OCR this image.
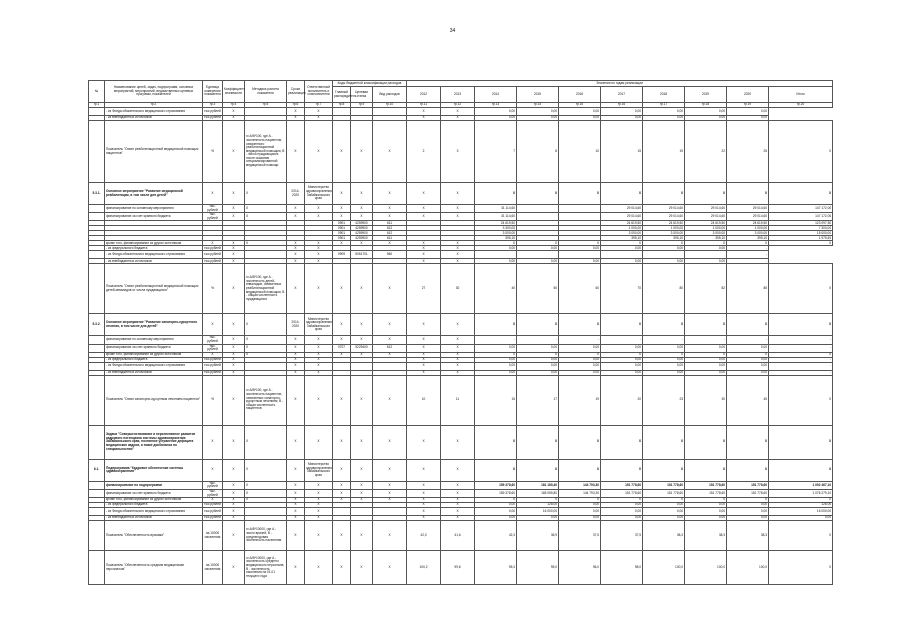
34
№	Наименование целей, задач, подпрограмм, основных мероприятий, мероприятий, ведомственных целевых программ, показателей	Единица измерения показателя	Коэффициент значимости	Методика расчета показателя	Сроки реализации	Ответственный исполнитель и соисполнители	Коды бюджетной классификации расходов			Значения по годам реализации									
							Главный распорядитель	Целевая статья	Вид расходов	2012	2013	2014	2015	2016	2017	2018	2019	2020	Итого
гр.1	гр.2	гр.3	гр.4	гр.5	гр.6	гр.7	гр.8	гр.9	гр.10	гр.11	гр.12	гр.13	гр.14	гр.15	гр.16	гр.17	гр.18	гр.19	гр.20
	- из Фонда обязательного медицинского страхования	тыс.рублей	Х		Х	Х				Х	Х	0,00	0,00	0,00	0,00	0,00	0,00	0,00	
	- из внебюджетных источников	тыс.рублей	Х		Х	Х				Х	Х	0,00	0,00	0,00	0,00	0,00	0,00	0,00	
	Показатель "Охват реабилитационной медицинской помощью пациентов"	%	Х	n=A/B*100, где A - численность пациентов, охваченного реабилитационной медицинской помощью; B - число нуждающихся после оказания специализированной медицинской помощи	Х	Х	Х	Х	Х	2	3	7	8	10	15	19	22	25	Х
5.3.1.	Основное мероприятие "Развитие медицинской реабилитации, в том числе для детей"	Х	Х	Х	2014-2020	Министерство здравоохранения Забайкальского края	Х	Х	Х	Х	Х	Х	Х	Х	Х	Х	Х	Х	Х
	финансирование по основному мероприятию	тыс. рублей	Х	Х	Х	Х	Х	Х	Х	Х	Х	31 114,60			29 014,60	29 014,60	29 014,60	29 014,60	147 172,00
	финансирование за счет краевого бюджета	тыс. рублей	Х	Х	Х	Х	Х	Х	Х	Х	Х	31 114,60			29 014,60	29 014,60	29 014,60	29 014,60	147 172,00
							0901	4259900	611			24 619,50			24 619,50	24 619,50	24 619,50	24 619,50	123 097,50
							0901	4259900	612			3 300,00			1 000,00	1 000,00	1 000,00	1 000,00	7 300,00
							0901	4259900	612			3 000,00			3 000,00	3 000,00	3 000,00	3 000,00	15 000,00
							0901	4259900	611			395,10			395,10	395,10	395,10	395,10	1 975,50
	кроме того, финансирование из других источников	Х	Х	Х	Х	Х	Х	Х	Х	Х	Х	Х	Х	Х	Х	Х	Х	Х	Х
	- из федерального бюджета	тыс.рублей	Х		Х	Х				Х	Х	0,00	0,00	0,00	0,00	0,00	0,00	-	
	- из Фонда обязательного медицинского страхования	тыс.рублей	Х		Х	Х	0909	5051701	560	Х	Х							-	
	- из внебюджетных источников	тыс.рублей	Х		Х	Х				Х	Х	0,00	0,00	0,00	0,00	0,00	0,00	-	
	Показатель "Охват реабилитационной медицинской помощью детей-инвалидов от числа нуждающихся"	%	Х	n=A/B*100, где A - численность детей-инвалидов, охваченных реабилитационной медицинской помощью; B - общая численность нуждающихся	Х	Х	Х	Х	Х	27	30	40	50	60	70	80	82	85	Х
5.3.2.	Основное мероприятие "Развитие санаторно-курортного лечения, в том числе для детей"	Х	Х	Х	2014-2020	Министерство здравоохранения Забайкальского края	Х	Х	Х	Х	Х	Х	Х	Х	Х	Х	Х	Х	Х
	финансирование по основному мероприятию	тыс. рублей	Х	Х	Х	Х	Х	Х	Х	Х	Х	-	-	-	-	-	-	-	-
	финансирование за счет краевого бюджета	тыс. рублей	Х	Х	Х	Х	0707	5229400	612	Х	Х	0,00	0,00	0,00	0,00	0,00	0,00	0,00	-
	кроме того, финансирование из других источников	Х	Х	Х	Х	Х	Х	Х	Х	Х	Х	Х	Х	Х	Х	Х	Х	Х	Х
	- из федерального бюджета	тыс.рублей	Х		Х	Х				Х	Х	0,00	0,00	0,00	0,00	0,00	0,00	0,00	-
	- из Фонда обязательного медицинского страхования	тыс.рублей	Х		Х	Х				Х	Х	0,00	0,00	0,00	0,00	0,00	0,00	0,00	-
	- из внебюджетных источников	тыс.рублей	Х		Х	Х				Х	Х	0,00	0,00	0,00	0,00	0,00	0,00	0,00	-
	Показатель "Охват санаторно-курортным лечением пациентов"	%	Х	n=A/B*100, где A - численность пациентов, охваченных санаторно-курортным лечением; B - общая численность пациентов	Х	Х	Х	Х	Х	10	11	15	17	19	20	23	30	45	Х
	Задача "Совершенствование и перспективное развитие кадрового потенциала системы здравоохранения Забайкальского края, поэтапное устранение дефицита медицинских кадров, а также дисбаланса по специальностям"	Х	Х	Х	Х	Х	Х	Х	Х	Х	Х	Х	Х	Х	Х	Х	Х	Х	Х
6.1.	Подпрограмма "Кадровое обеспечение системы здравоохранения"	Х	Х	Х	Х	Министерство здравоохранения Забайкальского края	Х	Х	Х	Х	Х	Х	Х	Х	Х	Х	Х	Х	Х
	финансирование по подпрограмме	тыс. рублей	Х	Х	Х	Х	Х	Х	Х	Х	Х	159 378,60	181 185,40	144 793,30	151 778,60	151 778,60	151 778,60	151 778,60	1 092 467,10
	финансирование за счет краевого бюджета	тыс. рублей	Х	Х	Х	Х	Х	Х	Х	Х	Х	159 378,60	165 055,80	144 793,30	151 778,60	151 778,60	151 778,60	151 778,60	1 076 279,10
	кроме того, финансирование из других источников	Х	Х	Х	Х	Х	Х	Х	Х	Х	Х	Х	Х	Х	Х	Х	Х	Х	Х
	- из федерального бюджета	тыс.рублей	Х		Х	Х				Х	Х	0,00	128,00	0,00	0,00	0,00	0,00	0,00	128,00
	- из Фонда обязательного медицинского страхования	тыс.рублей	Х		Х	Х				Х	Х	0,00	16 000,00	0,00	0,00	0,00	0,00	0,00	16 000,00
	- из внебюджетных источников	тыс.рублей	Х		Х	Х				Х	Х	0,00	0,00	0,00	0,00	0,00	0,00	0,00	0,00
	Показатель "Обеспеченность врачами"	на 10000 населения	Х	n=A/B*10000, где A - число врачей; B - среднегодовая численность населения	Х	Х	Х	Х	Х	42,0	41,6	42,3	36,9	37,5	37,5	38,3	38,3	38,3	Х
	Показатель "Обеспеченность средним медицинским персоналом"	на 10000 населения	Х	n=A/B*10000, где A - численность среднего медицинского персонала; B - численность населения на 01.01 текущего года	Х	Х	Х	Х	Х	100,2	99,6	95,3	95,0	96,0	98,0	100,0	100,0	100,0	Х
